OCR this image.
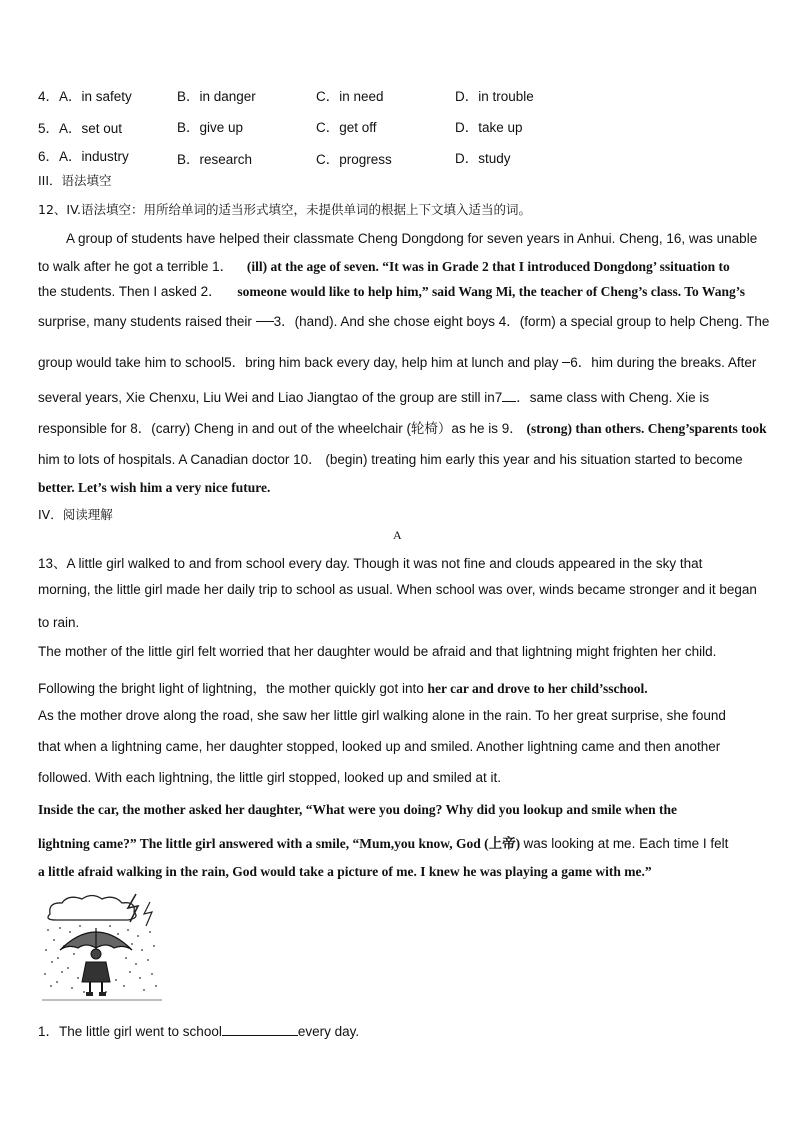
4．A．in safety	B．in danger	C．in need	D．in trouble
5．A．set out	B．give up	C．get off	D．take up
6．A．industry	B．research	C．progress	D．study
III．语法填空
12、IV.语法填空：用所给单词的适当形式填空，未提供单词的根据上下文填入适当的词。
A group of students have helped their classmate Cheng Dongdong for seven years in Anhui. Cheng, 16, was unable
to walk after he got a terrible 1． (ill) at the age of seven. “It was in Grade 2 that I introduced Dongdong’ ssituation to
the students. Then I asked 2． someone would like to help him,” said Wang Mi, the teacher of Cheng’s class. To Wang’s
surprise, many students raised their 3．(hand). And she chose eight boys 4．(form) a special group to help Cheng. The
group would take him to school5．bring him back every day, help him at lunch and play 6．him during the breaks. After
several years, Xie Chenxu, Liu Wei and Liao Jiangtao of the group are still in7 ．same class with Cheng. Xie is
responsible for 8．(carry) Cheng in and out of the wheelchair (轮椅）as he is 9． (strong) than others. Cheng’sparents took
him to lots of hospitals. A Canadian doctor 10． (begin) treating him early this year and his situation started to become
better. Let’s wish him a very nice future.
IV．阅读理解
A
13、A little girl walked to and from school every day. Though it was not fine and clouds appeared in the sky that
morning, the little girl made her daily trip to school as usual. When school was over, winds became stronger and it began
to rain.
The mother of the little girl felt worried that her daughter would be afraid and that lightning might frighten her child.
Following the bright light of lightning，the mother quickly got into her car and drove to her child’sschool.
As the mother drove along the road, she saw her little girl walking alone in the rain. To her great surprise, she found
that when a lightning came, her daughter stopped, looked up and smiled. Another lightning came and then another
followed. With each lightning, the little girl stopped, looked up and smiled at it.
Inside the car, the mother asked her daughter, “What were you doing? Why did you lookup and smile when the
lightning came?” The little girl answered with a smile, “Mum,you know, God (上帝) was looking at me. Each time I felt
a little afraid walking in the rain, God would take a picture of me. I knew he was playing a game with me.”
1．The little girl went to school	every day.
